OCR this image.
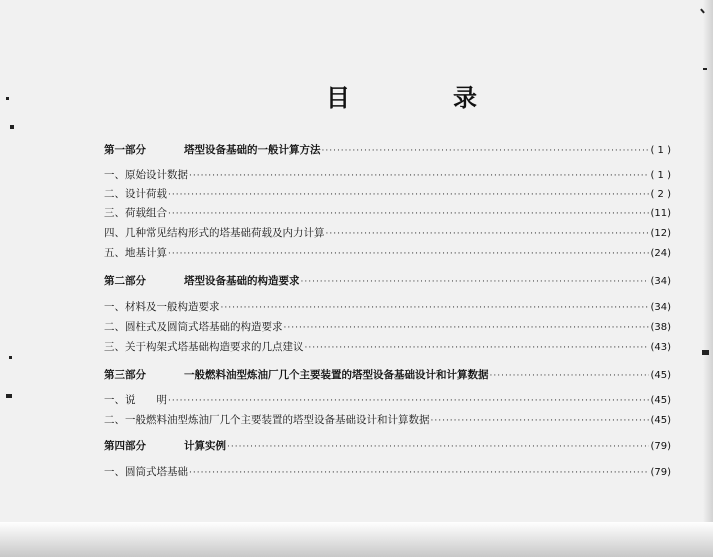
目	录
第一部分	塔型设备基础的一般计算方法 ·····	( 1 )
一、原始设计数据 ·····	( 1 )
二、设计荷载 ·····	( 2 )
三、荷载组合 ·····	(11)
四、几种常见结构形式的塔基础荷载及内力计算 ·····	(12)
五、地基计算 ·····	(24)
第二部分	塔型设备基础的构造要求 ·····	(34)
一、材料及一般构造要求 ·····	(34)
二、圆柱式及圆筒式塔基础的构造要求 ·····	(38)
三、关于构架式塔基础构造要求的几点建议 ·····	(43)
第三部分	一般燃料油型炼油厂几个主要装置的塔型设备基础设计和计算数据 ·····	(45)
一、说　　明 ·····	(45)
二、一般燃料油型炼油厂几个主要装置的塔型设备基础设计和计算数据 ·····	(45)
第四部分	计算实例 ·····	(79)
一、圆筒式塔基础 ·····	(79)
